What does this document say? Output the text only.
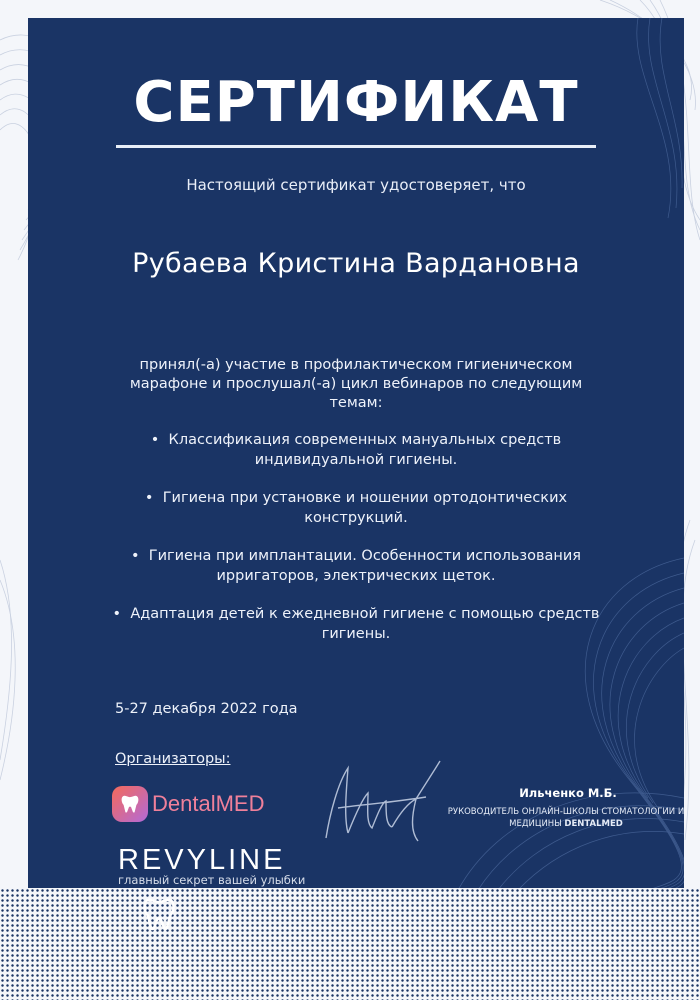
СЕРТИФИКАТ
Настоящий сертификат удостоверяет, что
Рубаева Кристина Вардановна
принял(-а) участие в профилактическом гигиеническом марафоне и прослушал(-а) цикл вебинаров по следующим темам:
• Классификация современных мануальных средств индивидуальной гигиены.
• Гигиена при установке и ношении ортодонтических конструкций.
• Гигиена при имплантации. Особенности использования ирригаторов, электрических щеток.
• Адаптация детей к ежедневной гигиене с помощью средств гигиены.
5-27 декабря 2022 года
Организаторы:
DentalMED
REVYLINE
главный секрет вашей улыбки
Ильченко М.Б.
РУКОВОДИТЕЛЬ ОНЛАЙН-ШКОЛЫ СТОМАТОЛОГИИ И МЕДИЦИНЫ DENTALMED
